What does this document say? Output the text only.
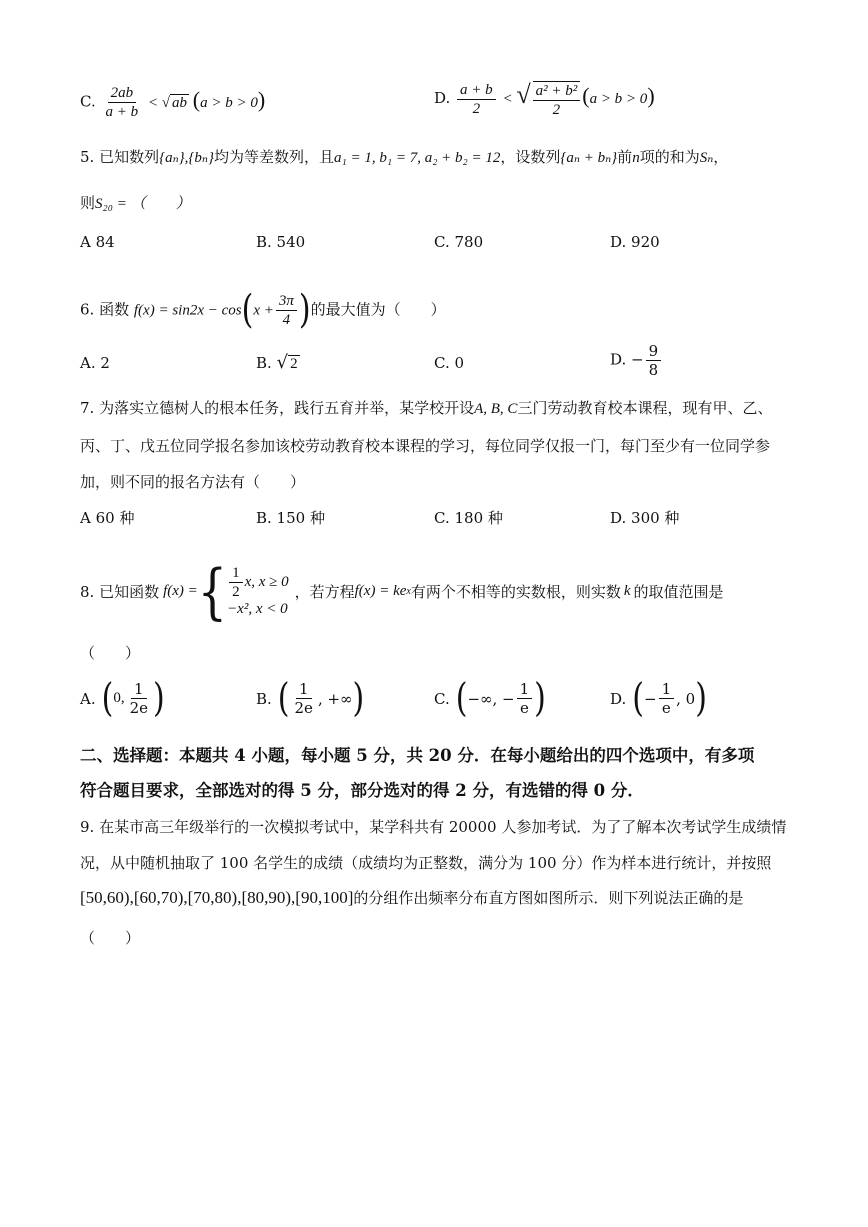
C. $\frac{2ab}{a + b}$ < √ ab (a > b > 0)	D. $\frac{a + b}{2}$ < √ $\frac{\text{a² + b²}}{2} (a > b > 0)$
5. 已知数列{aₙ},{bₙ}均为等差数列，且a₁ = 1, b₁ = 7, a₂ + b₂ = 12，设数列{aₙ + bₙ}前n项的和为Sₙ，
则S₂₀ = （　　）
A 84	B. 540	C. 780	D. 920
6. 函数 $f(x) = \sin 2x - \cos(x + \frac{3\pi}{4}$ )的最大值为（　　）
A. 2	B. √ 2	C. 0	D. − $\frac{9}{8}$
7. 为落实立德树人的根本任务，践行五育并举，某学校开设A, B, C三门劳动教育校本课程，现有甲、乙、
丙、丁、戊五位同学报名参加该校劳动教育校本课程的学习，每位同学仅报一门，每门至少有一位同学参
加，则不同的报名方法有（　　）
A 60 种	B. 150 种	C. 180 种	D. 300 种
8. 已知函数 f(x) = { $\frac{1}{2} x$, x ≥ 0
−x², x < 0
，若方程 f(x) = ke x 有两个不相等的实数根，则实数 k 的取值范围是
（　　）
A. ( 0, $\frac{1}{2e}$ )	B. ( $\frac{1}{2e}$ , +∞ )	C. ( −∞, − $\frac{1}{e}$ )	D. ( − $\frac{1}{e}$ , 0 )
二、选择题：本题共 4 小题，每小题 5 分，共 20 分．在每小题给出的四个选项中，有多项
符合题目要求，全部选对的得 5 分，部分选对的得 2 分，有选错的得 0 分．
9. 在某市高三年级举行的一次模拟考试中，某学科共有 20000 人参加考试．为了了解本次考试学生成绩情
况，从中随机抽取了 100 名学生的成绩（成绩均为正整数，满分为 100 分）作为样本进行统计，并按照
[50,60),[60,70),[70,80),[80,90),[90,100]的分组作出频率分布直方图如图所示．则下列说法正确的是
（　　）
